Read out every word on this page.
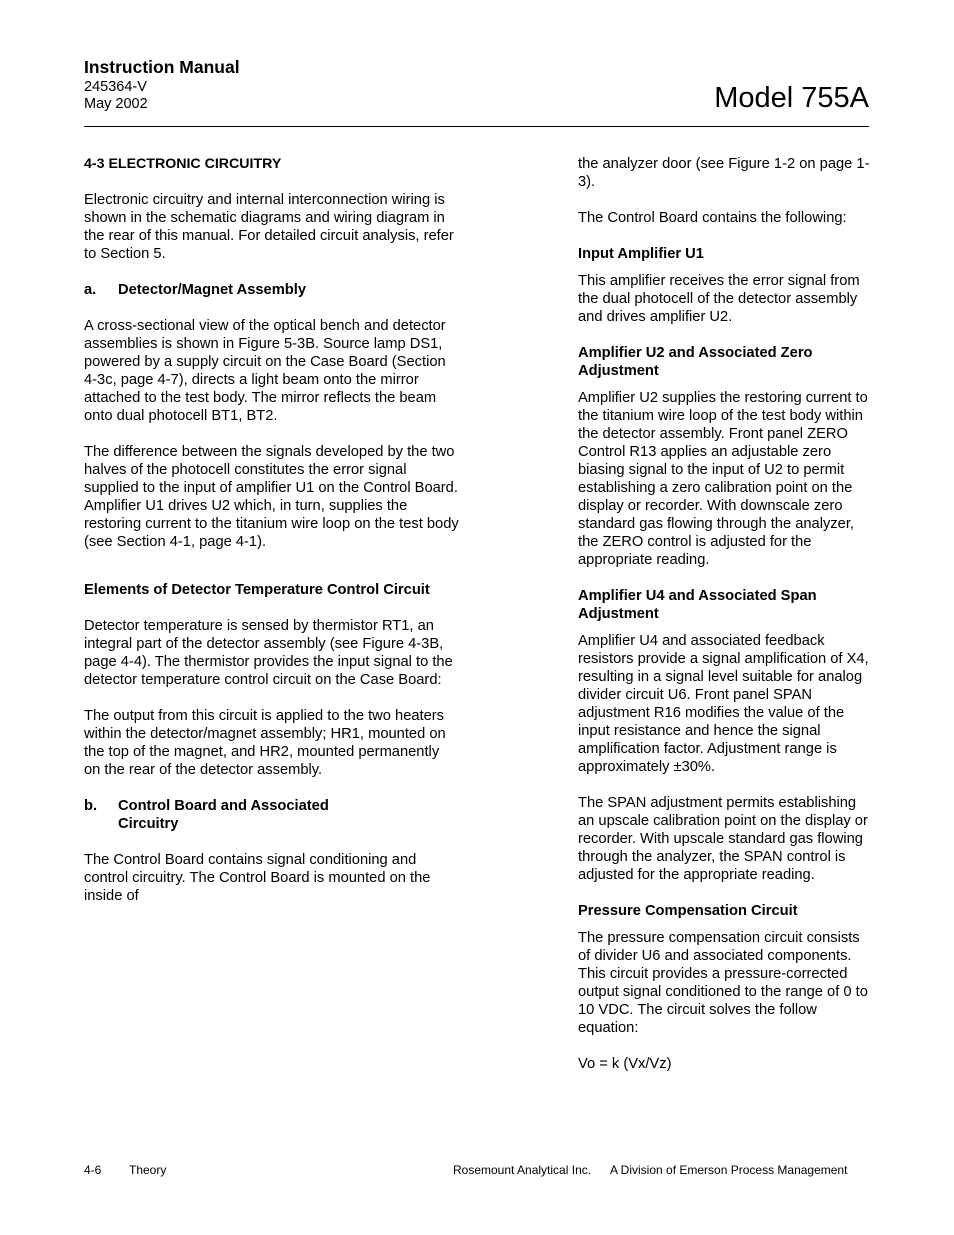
Instruction Manual
245364-V
May 2002	Model 755A
4-3 ELECTRONIC CIRCUITRY

Electronic circuitry and internal interconnection wiring is shown in the schematic diagrams and wiring diagram in the rear of this manual. For detailed circuit analysis, refer to Section 5.

a.	Detector/Magnet Assembly

A cross-sectional view of the optical bench and detector assemblies is shown in Figure 5-3B. Source lamp DS1, powered by a supply circuit on the Case Board (Section 4-3c, page 4-7), directs a light beam onto the mirror attached to the test body. The mirror reflects the beam onto dual photocell BT1, BT2.

The difference between the signals developed by the two halves of the photocell constitutes the error signal supplied to the input of amplifier U1 on the Control Board. Amplifier U1 drives U2 which, in turn, supplies the restoring current to the titanium wire loop on the test body (see Section 4-1, page 4-1).

Elements of Detector Temperature Control Circuit

Detector temperature is sensed by thermistor RT1, an integral part of the detector assembly (see Figure 4-3B, page 4-4). The thermistor provides the input signal to the detector temperature control circuit on the Case Board:

The output from this circuit is applied to the two heaters within the detector/magnet assembly; HR1, mounted on the top of the magnet, and HR2, mounted permanently on the rear of the detector assembly.

b.	Control Board and Associated Circuitry

The Control Board contains signal conditioning and control circuitry. The Control Board is mounted on the inside of

the analyzer door (see Figure 1-2 on page 1-3).

The Control Board contains the following:

Input Amplifier U1

This amplifier receives the error signal from the dual photocell of the detector assembly and drives amplifier U2.

Amplifier U2 and Associated Zero Adjustment

Amplifier U2 supplies the restoring current to the titanium wire loop of the test body within the detector assembly. Front panel ZERO Control R13 applies an adjustable zero biasing signal to the input of U2 to permit establishing a zero calibration point on the display or recorder. With downscale zero standard gas flowing through the analyzer, the ZERO control is adjusted for the appropriate reading.

Amplifier U4 and Associated Span Adjustment

Amplifier U4 and associated feedback resistors provide a signal amplification of X4, resulting in a signal level suitable for analog divider circuit U6. Front panel SPAN adjustment R16 modifies the value of the input resistance and hence the signal amplification factor. Adjustment range is approximately ±30%.

The SPAN adjustment permits establishing an upscale calibration point on the display or recorder. With upscale standard gas flowing through the analyzer, the SPAN control is adjusted for the appropriate reading.

Pressure Compensation Circuit

The pressure compensation circuit consists of divider U6 and associated components. This circuit provides a pressure-corrected output signal conditioned to the range of 0 to 10 VDC. The circuit solves the follow equation:

Vo = k (Vx/Vz)

4-6 Theory	Rosemount Analytical Inc. A Division of Emerson Process Management
